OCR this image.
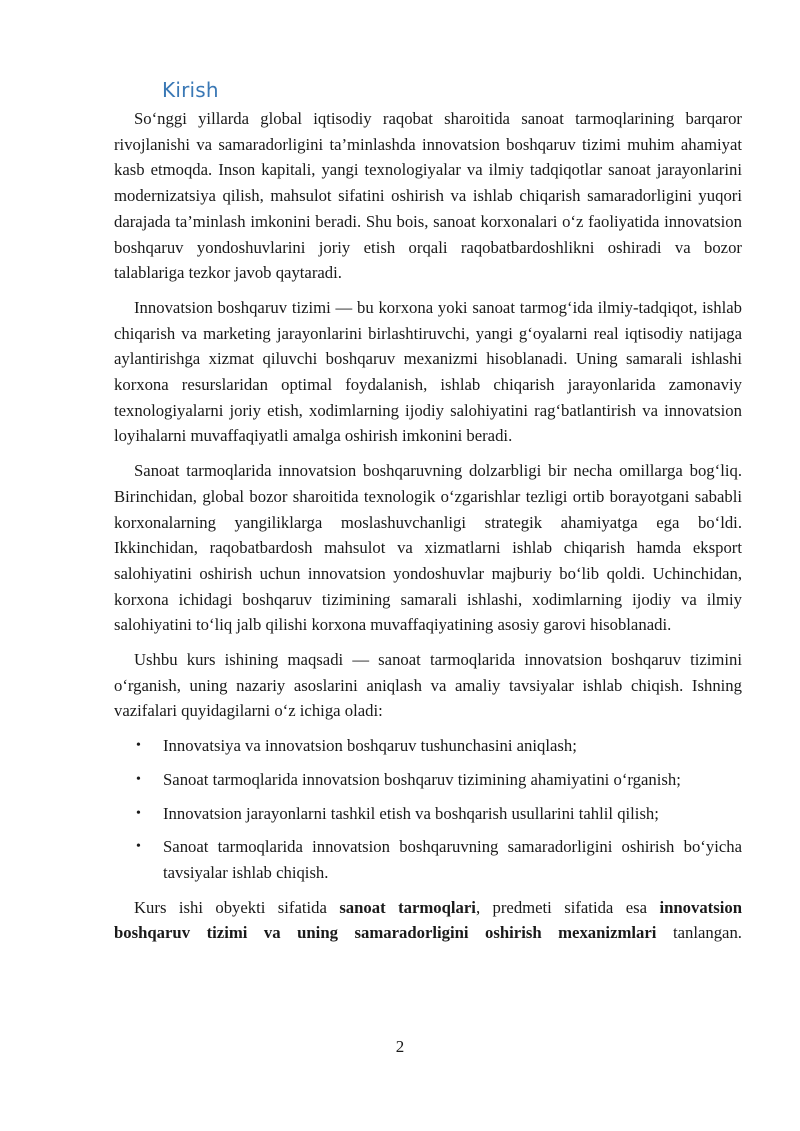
Kirish

So‘nggi yillarda global iqtisodiy raqobat sharoitida sanoat tarmoqlarining barqaror rivojlanishi va samaradorligini ta’minlashda innovatsion boshqaruv tizimi muhim ahamiyat kasb etmoqda. Inson kapitali, yangi texnologiyalar va ilmiy tadqiqotlar sanoat jarayonlarini modernizatsiya qilish, mahsulot sifatini oshirish va ishlab chiqarish samaradorligini yuqori darajada ta’minlash imkonini beradi. Shu bois, sanoat korxonalari o‘z faoliyatida innovatsion boshqaruv yondoshuvlarini joriy etish orqali raqobatbardoshlikni oshiradi va bozor talablariga tezkor javob qaytaradi.

Innovatsion boshqaruv tizimi — bu korxona yoki sanoat tarmog‘ida ilmiy-tadqiqot, ishlab chiqarish va marketing jarayonlarini birlashtiruvchi, yangi g‘oyalarni real iqtisodiy natijaga aylantirishga xizmat qiluvchi boshqaruv mexanizmi hisoblanadi. Uning samarali ishlashi korxona resurslaridan optimal foydalanish, ishlab chiqarish jarayonlarida zamonaviy texnologiyalarni joriy etish, xodimlarning ijodiy salohiyatini rag‘batlantirish va innovatsion loyihalarni muvaffaqiyatli amalga oshirish imkonini beradi.

Sanoat tarmoqlarida innovatsion boshqaruvning dolzarbligi bir necha omillarga bog‘liq. Birinchidan, global bozor sharoitida texnologik o‘zgarishlar tezligi ortib borayotgani sababli korxonalarning yangiliklarga moslashuvchanligi strategik ahamiyatga ega bo‘ldi. Ikkinchidan, raqobatbardosh mahsulot va xizmatlarni ishlab chiqarish hamda eksport salohiyatini oshirish uchun innovatsion yondoshuvlar majburiy bo‘lib qoldi. Uchinchidan, korxona ichidagi boshqaruv tizimining samarali ishlashi, xodimlarning ijodiy va ilmiy salohiyatini to‘liq jalb qilishi korxona muvaffaqiyatining asosiy garovi hisoblanadi.

Ushbu kurs ishining maqsadi — sanoat tarmoqlarida innovatsion boshqaruv tizimini o‘rganish, uning nazariy asoslarini aniqlash va amaliy tavsiyalar ishlab chiqish. Ishning vazifalari quyidagilarni o‘z ichiga oladi:

• Innovatsiya va innovatsion boshqaruv tushunchasini aniqlash;
• Sanoat tarmoqlarida innovatsion boshqaruv tizimining ahamiyatini o‘rganish;
• Innovatsion jarayonlarni tashkil etish va boshqarish usullarini tahlil qilish;
• Sanoat tarmoqlarida innovatsion boshqaruvning samaradorligini oshirish bo‘yicha tavsiyalar ishlab chiqish.

Kurs ishi obyekti sifatida sanoat tarmoqlari, predmeti sifatida esa innovatsion boshqaruv tizimi va uning samaradorligini oshirish mexanizmlari tanlangan.

2
